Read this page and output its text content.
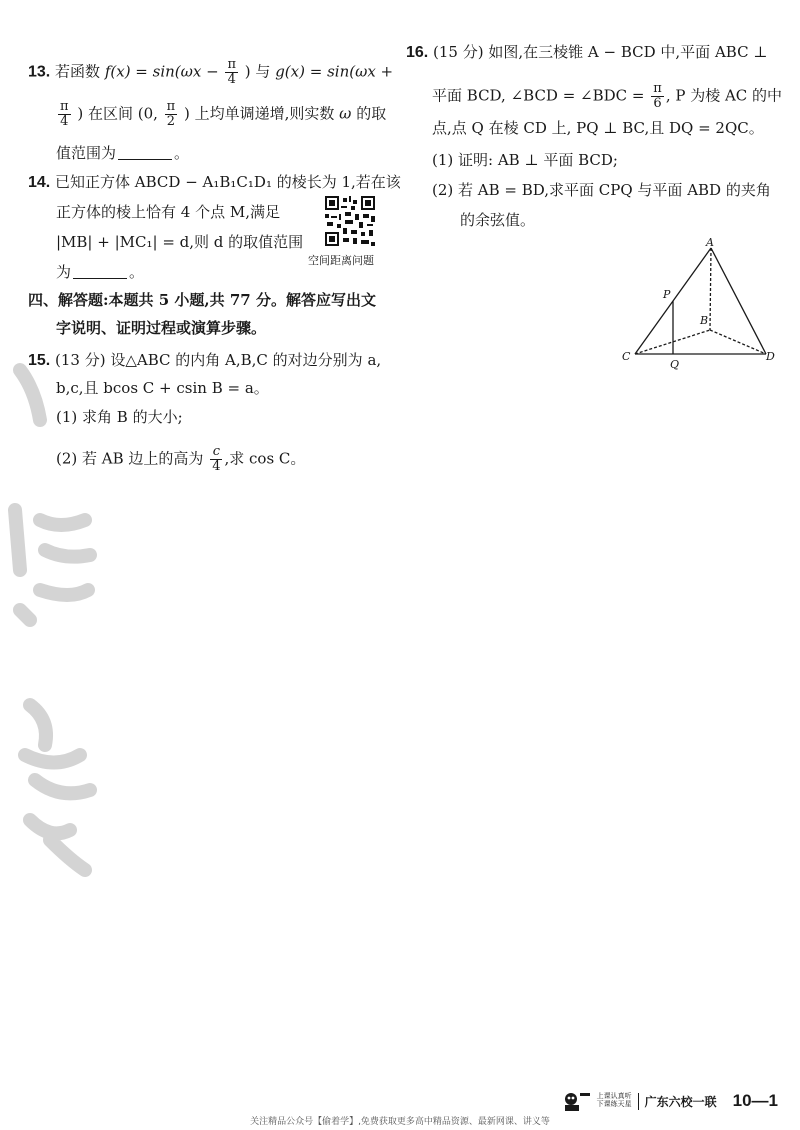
13. 若函数 $f(x) = \sin(\omega x - \frac{\pi}{4}$ ) 与 g(x) = sin(ωx +
$\frac{\pi}{4}$ ) 在区间 (0, $\frac{\pi}{2}$ ) 上均单调递增,则实数 ω 的取
值范围为	。
14. 已知正方体 ABCD − A₁B₁C₁D₁ 的棱长为 1,若在该
正方体的棱上恰有 4 个点 M,满足
|MB| + |MC₁| = d,则 d 的取值范围
为	。
空间距离问题
四、解答题:本题共 5 小题,共 77 分。解答应写出文
字说明、证明过程或演算步骤。
15. (13 分) 设△ABC 的内角 A,B,C 的对边分别为 a,
b,c,且 bcos C + csin B = a。
(1) 求角 B 的大小;
(2) 若 AB 边上的高为 $\frac{c}{4}$ ,求 cos C。
16. (15 分) 如图,在三棱锥 A − BCD 中,平面 ABC ⊥
平面 BCD, ∠BCD = ∠BDC = $\frac{\pi}{6}$ , P 为棱 AC 的中
点,点 Q 在棱 CD 上, PQ ⊥ BC,且 DQ = 2QC。
(1) 证明: AB ⊥ 平面 BCD;
(2) 若 AB = BD,求平面 CPQ 与平面 ABD 的夹角
的余弦值。
A
B
C	D
P
Q
上课认真听
下课练天星	广东六校一联 10—1
关注精品公众号【偷着学】,免费获取更多高中精品资源、最新网课、讲义等
